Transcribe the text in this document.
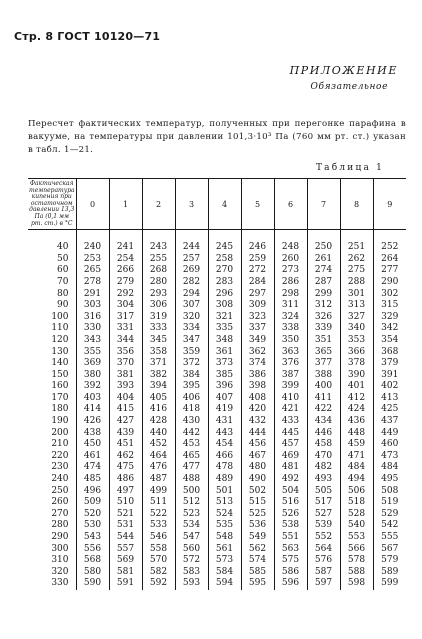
Стр. 8 ГОСТ 10120—71
ПРИЛОЖЕНИЕ
Обязательное

Пересчет фактических температур, полученных при перегонке парафина в вакууме, на температуры при давлении 101,3·10³ Па (760 мм рт. ст.) указан в табл. 1—21.

Таблица 1
Фактическая температура кипения при остаточном давлении 13,3 Па (0,1 мм рт. ст.) в °С	0	1	2	3	4	5	6	7	8	9

40	240	241	243	244	245	246	248	250	251	252
50	253	254	255	257	258	259	260	261	262	264
60	265	266	268	269	270	272	273	274	275	277
70	278	279	280	282	283	284	286	287	288	290
80	291	292	293	294	296	297	298	299	301	302
90	303	304	306	307	308	309	311	312	313	315
100	316	317	319	320	321	323	324	326	327	329
110	330	331	333	334	335	337	338	339	340	342
120	343	344	345	347	348	349	350	351	353	354
130	355	356	358	359	361	362	363	365	366	368
140	369	370	371	372	373	374	376	377	378	379
150	380	381	382	384	385	386	387	388	390	391
160	392	393	394	395	396	398	399	400	401	402
170	403	404	405	406	407	408	410	411	412	413
180	414	415	416	418	419	420	421	422	424	425
190	426	427	428	430	431	432	433	434	436	437
200	438	439	440	442	443	444	445	446	448	449
210	450	451	452	453	454	456	457	458	459	460
220	461	462	464	465	466	467	469	470	471	473
230	474	475	476	477	478	480	481	482	484	484
240	485	486	487	488	489	490	492	493	494	495
250	496	497	499	500	501	502	504	505	506	508
260	509	510	511	512	513	515	516	517	518	519
270	520	521	522	523	524	525	526	527	528	529
280	530	531	533	534	535	536	538	539	540	542
290	543	544	546	547	548	549	551	552	553	555
300	556	557	558	560	561	562	563	564	566	567
310	568	569	570	572	573	574	575	576	578	579
320	580	581	582	583	584	585	586	587	588	589
330	590	591	592	593	594	595	596	597	598	599
